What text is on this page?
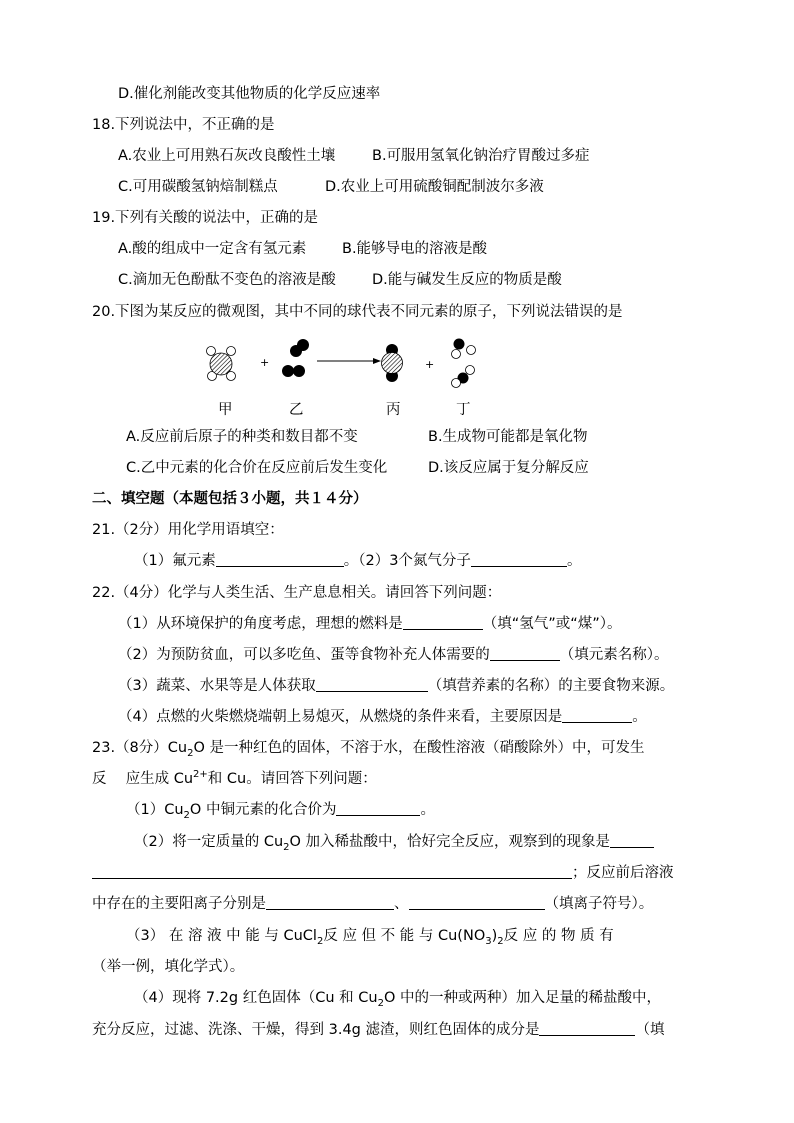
D.催化剂能改变其他物质的化学反应速率
18.下列说法中，不正确的是
A.农业上可用熟石灰改良酸性土壤	B.可服用氢氧化钠治疗胃酸过多症
C.可用碳酸氢钠焙制糕点	D.农业上可用硫酸铜配制波尔多液
19.下列有关酸的说法中，正确的是
A.酸的组成中一定含有氢元素 B.能够导电的溶液是酸
C.滴加无色酚酞不变色的溶液是酸	D.能与碱发生反应的物质是酸
20.下图为某反应的微观图，其中不同的球代表不同元素的原子，下列说法错误的是
+	+
甲	乙	丙	丁
A.反应前后原子的种类和数目都不变	B.生成物可能都是氧化物
C.乙中元素的化合价在反应前后发生变化	D.该反应属于复分解反应
二、填空题（本题包括３小题，共１４分）
21.（2分）用化学用语填空：
（1）氟元素	。（2）3个氮气分子	。
22.（4分）化学与人类生活、生产息息相关。请回答下列问题：
（1）从环境保护的角度考虑，理想的燃料是	（填“氢气”或“煤”）。
（2）为预防贫血，可以多吃鱼、蛋等食物补充人体需要的	（填元素名称）。
（3）蔬菜、水果等是人体获取	（填营养素的名称）的主要食物来源。
（4）点燃的火柴燃烧端朝上易熄灭，从燃烧的条件来看，主要原因是	。
23.（8分）$Cu_2O$ 是一种红色的固体，不溶于水，在酸性溶液（硝酸除外）中，可发生
反　 应生成 $Cu^{2+}$和 Cu。请回答下列问题：
$(1)Cu_2O$ 中铜元素的化合价为	。
（2）将一定质量的 $Cu_2O$ 加入稀盐酸中，恰好完全反应，观察到的现象是
；反应前后溶液
中存在的主要阳离子分别是	、	（填离子符号）。
（3） 在 溶 液 中 能 与 CuCl$_2$反 应 但 不 能 与 $Cu(NO_3)_2$反 应 的 物 质 有
（举一例，填化学式）。
（4）现将 7.2g 红色固体（Cu 和 $Cu_2O$ 中的一种或两种）加入足量的稀盐酸中，
充分反应，过滤、洗涤、干燥，得到 3.4g 滤渣，则红色固体的成分是	（填
